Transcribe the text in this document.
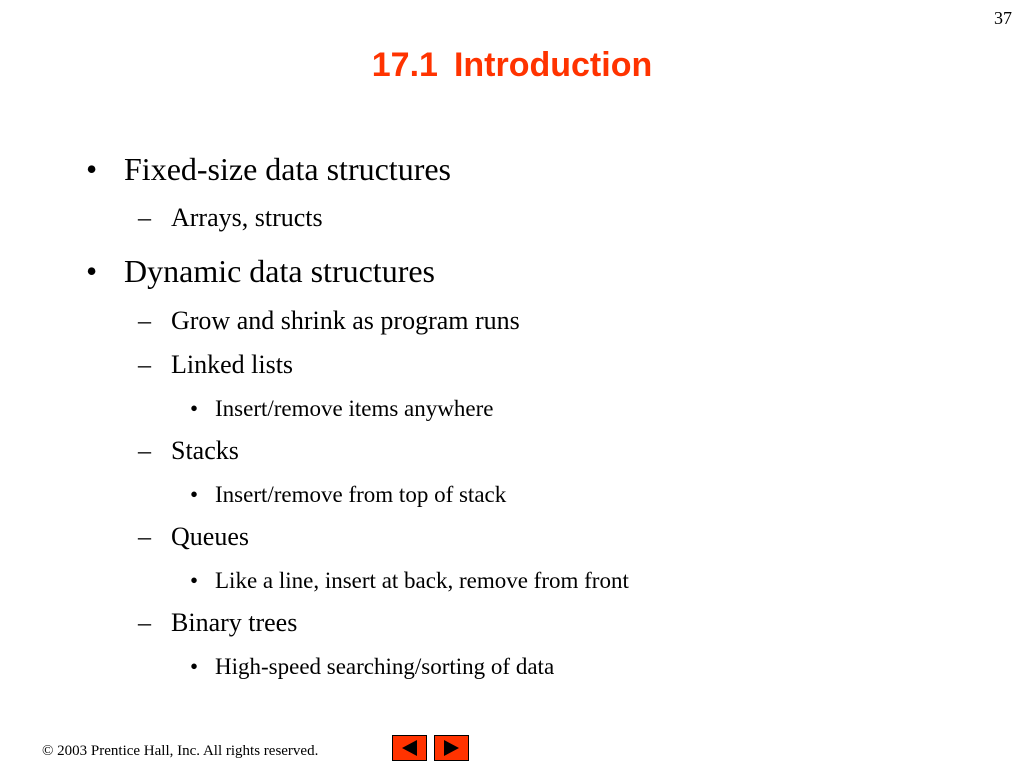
37
17.1 Introduction
• Fixed-size data structures
– Arrays, structs
• Dynamic data structures
– Grow and shrink as program runs
– Linked lists
• Insert/remove items anywhere
– Stacks
• Insert/remove from top of stack
– Queues
• Like a line, insert at back, remove from front
– Binary trees
• High-speed searching/sorting of data
© 2003 Prentice Hall, Inc. All rights reserved.
